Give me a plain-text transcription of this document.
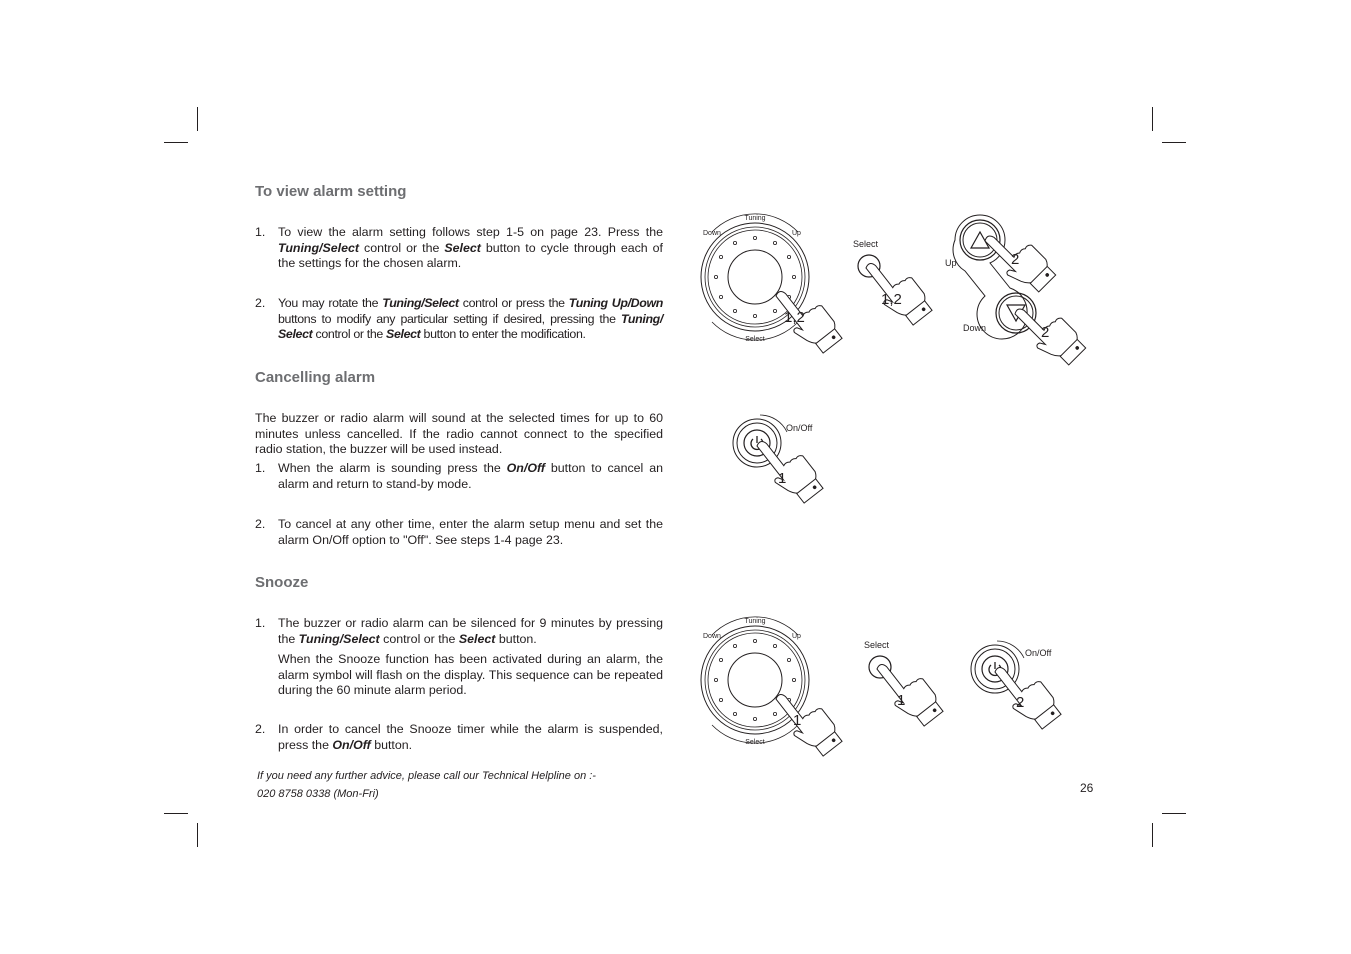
To view alarm setting
1. To view the alarm setting follows step 1-5 on page 23. Press the Tuning/Select control or the Select button to cycle through each of the settings for the chosen alarm.
2. You may rotate the Tuning/Select control or press the Tuning Up/Down buttons to modify any particular setting if desired, pressing the Tuning/ Select control or the Select button to enter the modification.
Cancelling alarm
The buzzer or radio alarm will sound at the selected times for up to 60 minutes unless cancelled. If the radio cannot connect to the specified radio station, the buzzer will be used instead.
1. When the alarm is sounding press the On/Off button to cancel an alarm and return to stand-by mode.
2. To cancel at any other time, enter the alarm setup menu and set the alarm On/Off option to "Off". See steps 1-4 page 23.
Snooze
1. The buzzer or radio alarm can be silenced for 9 minutes by pressing the Tuning/Select control or the Select button.
When the Snooze function has been activated during an alarm, the alarm symbol will flash on the display. This sequence can be repeated during the 60 minute alarm period.
2. In order to cancel the Snooze timer while the alarm is suspended, press the On/Off button.
If you need any further advice, please call our Technical Helpline on :-
020 8758 0338 (Mon-Fri)	26
Tuning
Down	Up
Select
1,2
Select
1,2
Up
Down
2
2
On/Off
1
Tuning
Down	Up
Select
1
Select
1
On/Off
2
